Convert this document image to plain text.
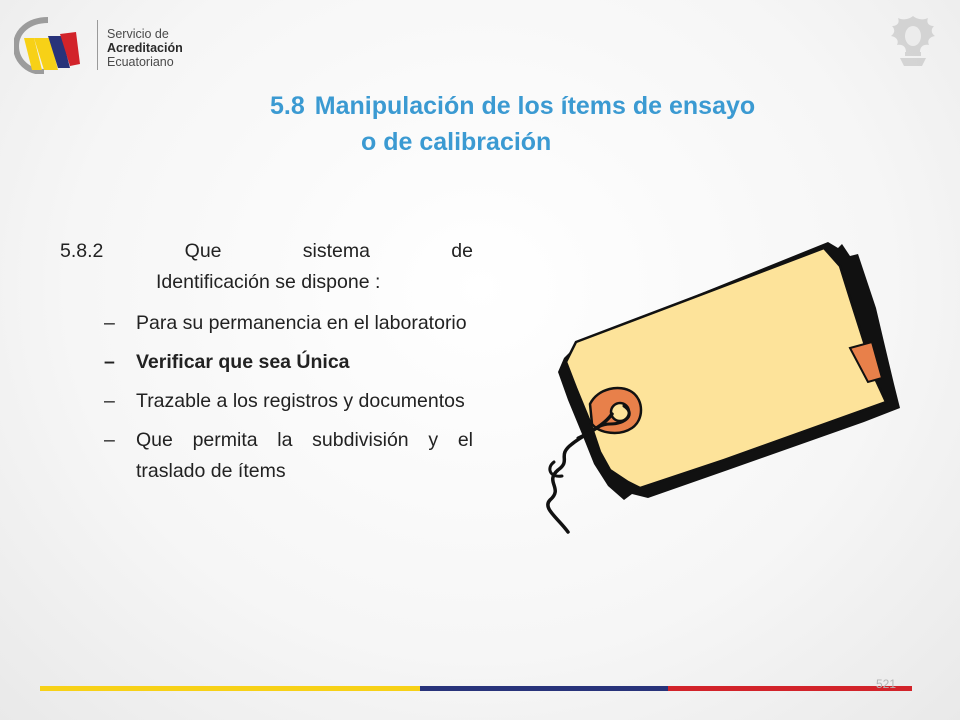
Servicio de
Acreditación
Ecuatoriano
5.8 Manipulación de los ítems de ensayo
o de calibración
5.8.2	Que	sistema	de
Identificación se dispone :
– Para su permanencia en el laboratorio
– Verificar que sea Única
– Trazable a los registros y documentos
– Que permita la subdivisión y el traslado de ítems
521
